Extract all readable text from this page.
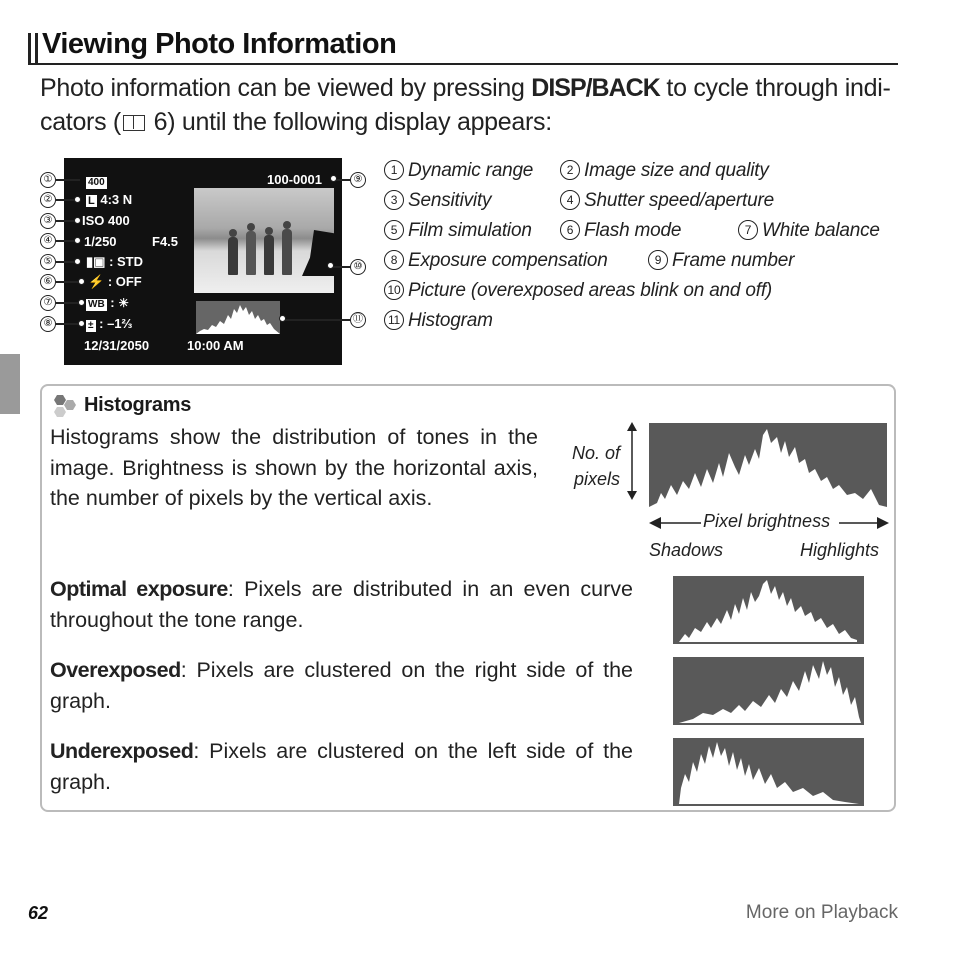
Viewing Photo Information
Photo information can be viewed by pressing DISP/BACK to cycle through indi-
cators ( 6) until the following display appears:
400
L 4:3 N
ISO 400
1/250	F4.5
▮▣ : STD
⚡ : OFF
WB : ☀
± : –1⅔
100-0001
12/31/2050	10:00 AM
①
②
③
④
⑤
⑥
⑦
⑧
⑨
⑩
⑪
1 Dynamic range	2 Image size and quality
3 Sensitivity	4 Shutter speed/aperture
5 Film simulation	6 Flash mode	7 White balance
8 Exposure compensation	9 Frame number
10 Picture (overexposed areas blink on and off)
11 Histogram
Histograms
Histograms show the distribution of tones in the image. Brightness is shown by the horizontal axis, the number of pixels by the vertical axis.
No. of
pixels
Pixel brightness
Shadows	Highlights
Optimal exposure: Pixels are distributed in an even curve throughout the tone range.
Overexposed: Pixels are clustered on the right side of the graph.
Underexposed: Pixels are clustered on the left side of the graph.
62	More on Playback
